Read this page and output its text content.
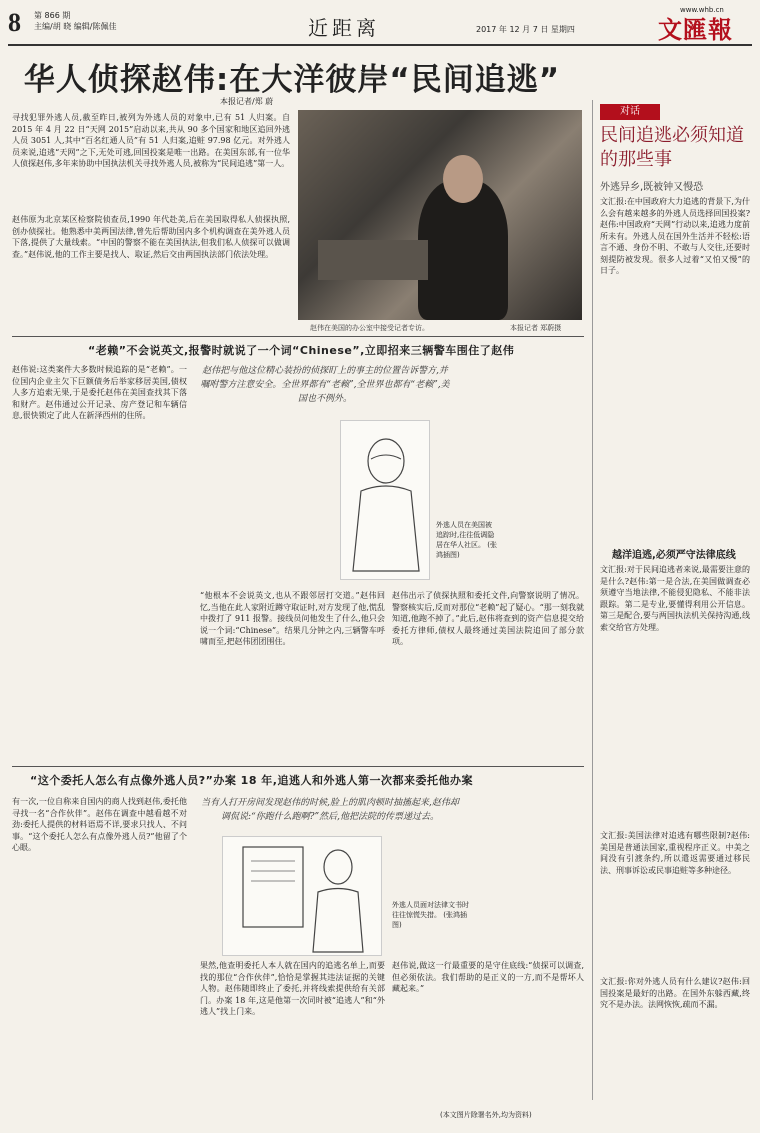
8 第 866 期
主编/胡 晓 编辑/陈佩佳	近距离	2017 年 12 月 7 日 星期四
www.whb.cn
文匯報
华人侦探赵伟:在大洋彼岸“民间追逃”
本报记者/郑 蔚
寻找犯罪外逃人员,截至昨日,被列为外逃人员的对象中,已有 51 人归案。自 2015 年 4 月 22 日“天网 2015”启动以来,共从 90 多个国家和地区追回外逃人员 3051 人,其中“百名红通人员”有 51 人归案,追赃 97.98 亿元。对外逃人员来说,追逃“天网”之下,无处可逃,回国投案是唯一出路。在美国东部,有一位华人侦探赵伟,多年来协助中国执法机关寻找外逃人员,被称为“民间追逃”第一人。
赵伟原为北京某区检察院侦查员,1990 年代赴美,后在美国取得私人侦探执照,创办侦探社。他熟悉中美两国法律,曾先后帮助国内多个机构调查在美外逃人员下落,提供了大量线索。“中国的警察不能在美国执法,但我们私人侦探可以做调查。”赵伟说,他的工作主要是找人、取证,然后交由两国执法部门依法处理。
赵伟在美国的办公室中接受记者专访。	本报记者 郑蔚摄
对话
民间追逃必须知道的那些事
外逃异乡,既被钟又慢恐
文汇报:在中国政府大力追逃的背景下,为什么会有越来越多的外逃人员选择回国投案?赵伟:中国政府“天网”行动以来,追逃力度前所未有。外逃人员在国外生活并不轻松:语言不通、身份不明、不敢与人交往,还要时刻提防被发现。很多人过着“又怕又慢”的日子。
越洋追逃,必须严守法律底线
文汇报:对于民间追逃者来说,最需要注意的是什么?赵伟:第一是合法,在美国做调查必须遵守当地法律,不能侵犯隐私、不能非法跟踪。第二是专业,要懂得利用公开信息。第三是配合,要与两国执法机关保持沟通,线索交给官方处理。
文汇报:美国法律对追逃有哪些限制?赵伟:美国是普通法国家,重视程序正义。中美之间没有引渡条约,所以遣返需要通过移民法、刑事诉讼或民事追赃等多种途径。
文汇报:你对外逃人员有什么建议?赵伟:回国投案是最好的出路。在国外东躲西藏,终究不是办法。法网恢恢,疏而不漏。
“老赖”不会说英文,报警时就说了一个词“Chinese”,立即招来三辆警车围住了赵伟
赵伟把与他这位精心装扮的侦探盯上的事主的位置告诉警方,并嘱咐警方注意安全。全世界都有“老赖”,全世界也都有“老赖”,美国也不例外。
赵伟说:这类案件大多数时候追踪的是“老赖”。一位国内企业主欠下巨额债务后举家移居美国,债权人多方追索无果,于是委托赵伟在美国查找其下落和财产。赵伟通过公开记录、房产登记和车辆信息,很快锁定了此人在新泽西州的住所。
“他根本不会说英文,也从不跟邻居打交道。”赵伟回忆,当他在此人家附近蹲守取证时,对方发现了他,慌乱中拨打了 911 报警。接线员问他发生了什么,他只会说一个词:“Chinese”。结果几分钟之内,三辆警车呼啸而至,把赵伟团团围住。
赵伟出示了侦探执照和委托文件,向警察说明了情况。警察核实后,反而对那位“老赖”起了疑心。“那一刻我就知道,他跑不掉了。”此后,赵伟将查到的资产信息提交给委托方律师,债权人最终通过美国法院追回了部分款项。
外逃人员在美国被追踪时,往往低调隐居在华人社区。 (张鸿插图)
“这个委托人怎么有点像外逃人员?”办案 18 年,追逃人和外逃人第一次都来委托他办案
当有人打开房间发现赵伟的时候,脸上的肌肉顿时抽搐起来,赵伟却调侃说:“你跑什么跑啊?”然后,他把法院的传票递过去。
有一次,一位自称来自国内的商人找到赵伟,委托他寻找一名“合作伙伴”。赵伟在调查中越看越不对劲:委托人提供的材料语焉不详,要求只找人、不问事。“这个委托人怎么有点像外逃人员?”他留了个心眼。
果然,他查明委托人本人就在国内的追逃名单上,而要找的那位“合作伙伴”,恰恰是掌握其违法证据的关键人物。赵伟随即终止了委托,并将线索提供给有关部门。办案 18 年,这是他第一次同时被“追逃人”和“外逃人”找上门来。
赵伟说,做这一行最重要的是守住底线:“侦探可以调查,但必须依法。我们帮助的是正义的一方,而不是帮坏人藏起来。”
外逃人员面对法律文书时往往惊慌失措。 (张鸿插图)
(本文图片除署名外,均为资料)
